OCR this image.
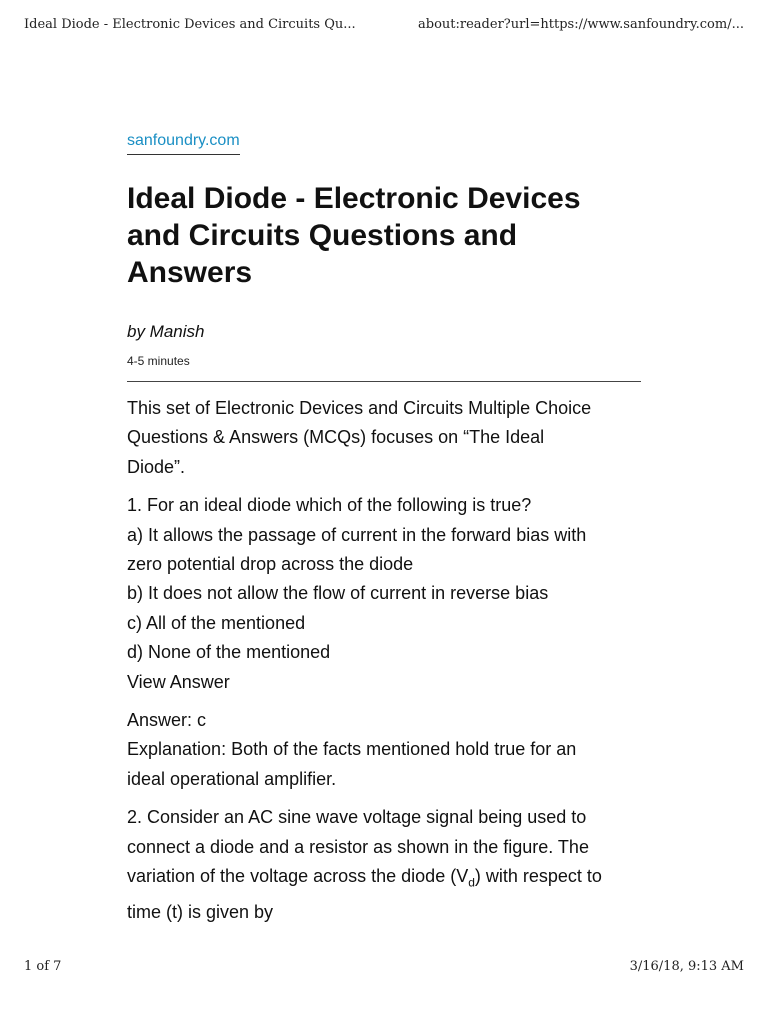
Ideal Diode - Electronic Devices and Circuits Qu...	about:reader?url=https://www.sanfoundry.com/...
sanfoundry.com
Ideal Diode - Electronic Devices and Circuits Questions and Answers
by Manish
4-5 minutes

This set of Electronic Devices and Circuits Multiple Choice
Questions & Answers (MCQs) focuses on “The Ideal
Diode”.

1. For an ideal diode which of the following is true?
a) It allows the passage of current in the forward bias with
zero potential drop across the diode
b) It does not allow the flow of current in reverse bias
c) All of the mentioned
d) None of the mentioned
View Answer

Answer: c
Explanation: Both of the facts mentioned hold true for an
ideal operational amplifier.

2. Consider an AC sine wave voltage signal being used to
connect a diode and a resistor as shown in the figure. The
variation of the voltage across the diode $(V_d)$ with respect to
time (t) is given by

1 of 7	3/16/18, 9:13 AM
